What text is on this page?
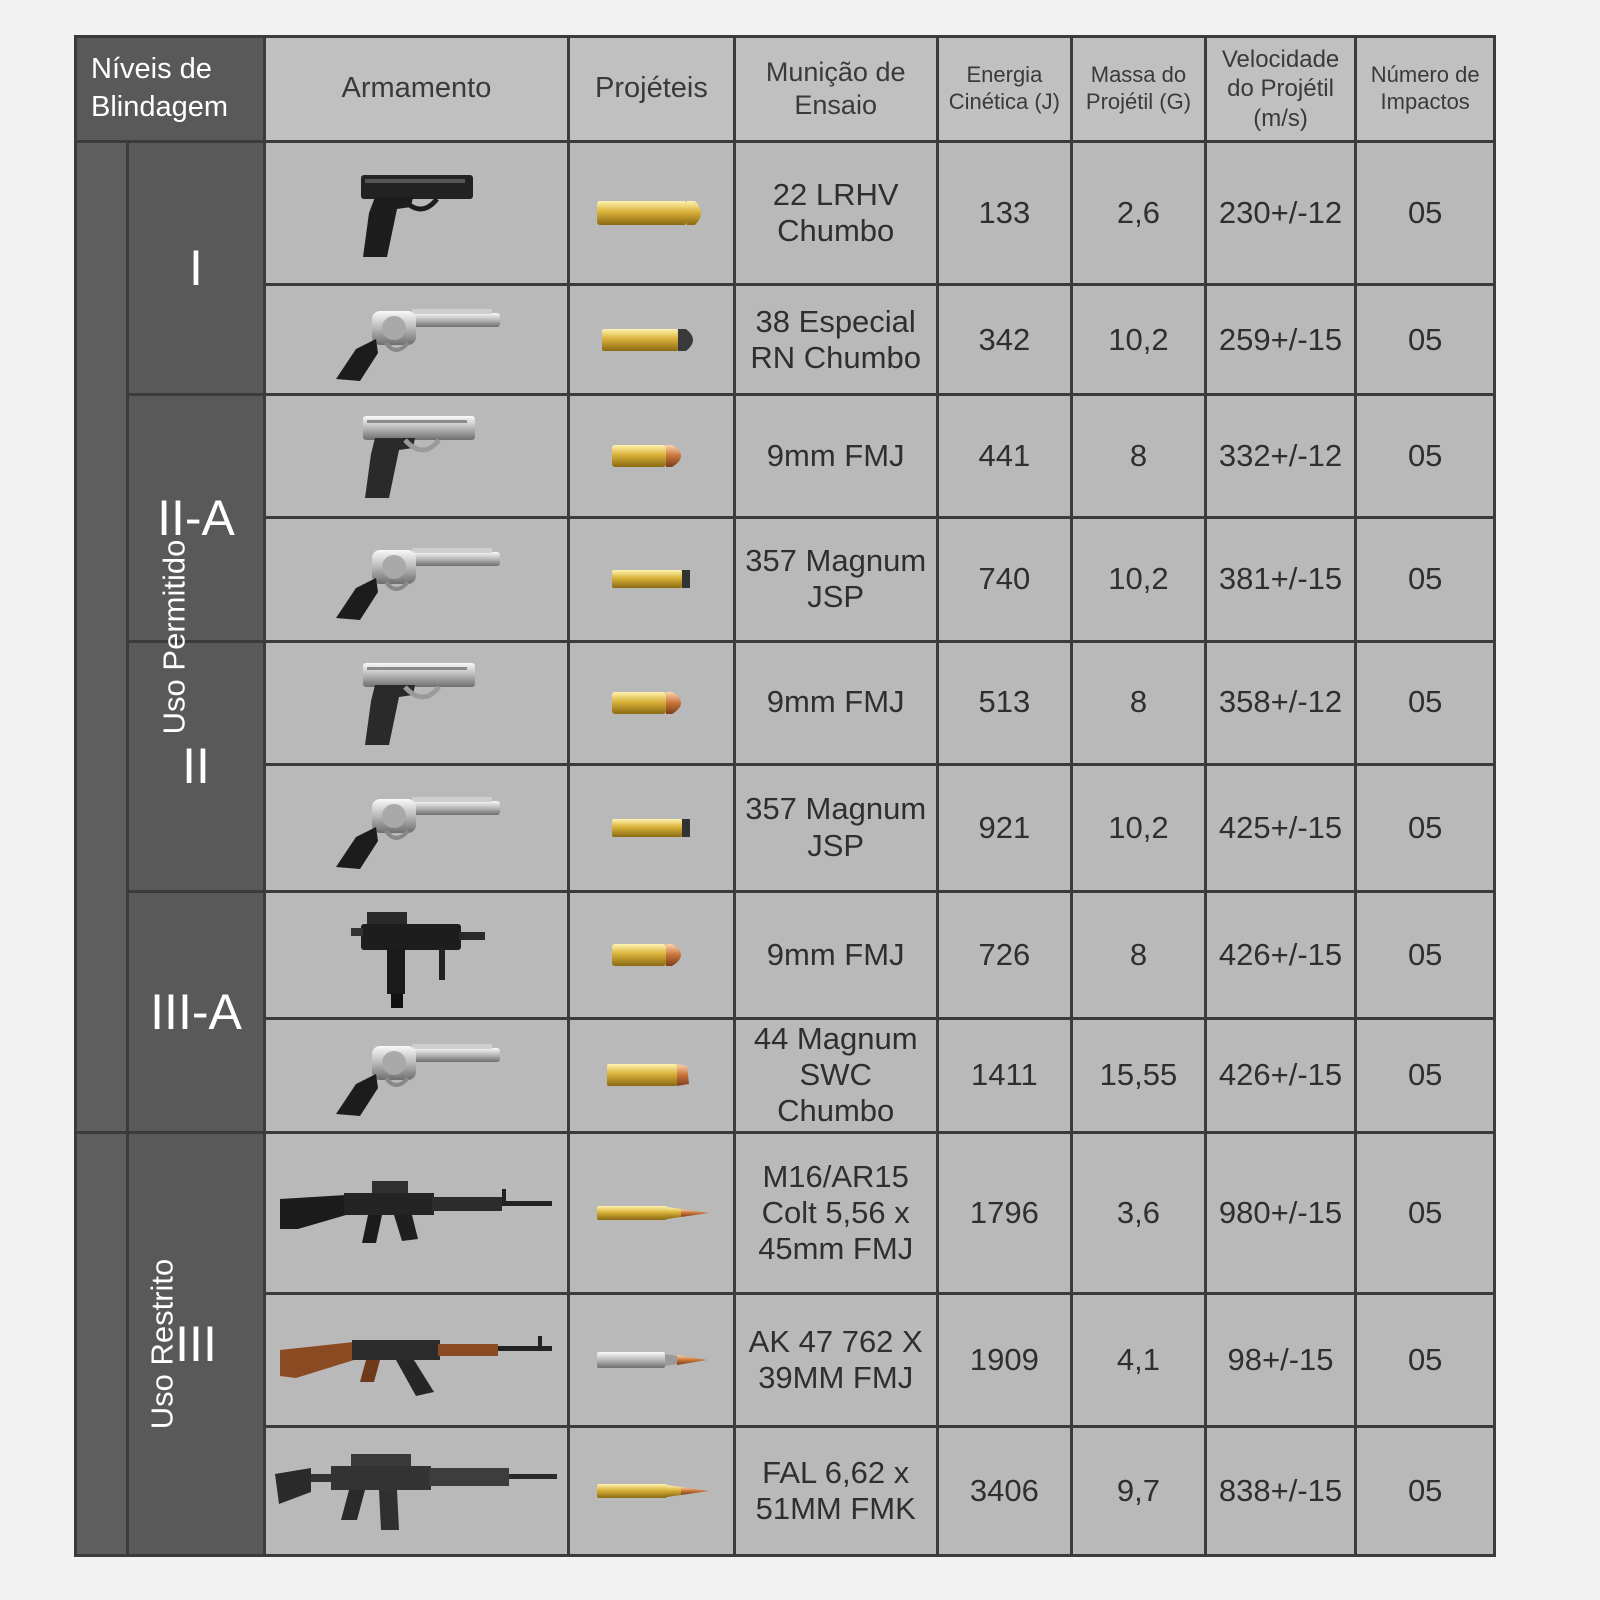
Níveis de Blindagem		Armamento	Projéteis	Munição de Ensaio	Energia Cinética (J)	Massa do Projétil (G)	Velocidade do Projétil (m/s)	Número de Impactos
Uso Permitido	I			22 LRHV Chumbo	133	2,6	230+/-12	05

	38 Especial RN Chumbo	342	10,2	259+/-15	05
	II-A			9mm FMJ	441	8	332+/-12	05

	357 Magnum JSP	740	10,2	381+/-15	05
	II			9mm FMJ	513	8	358+/-12	05

	357 Magnum JSP	921	10,2	425+/-15	05
	III-A			9mm FMJ	726	8	426+/-15	05

	44 Magnum SWC Chumbo	1411	15,55	426+/-15	05
Uso Restrito	III			M16/AR15 Colt 5,56 x 45mm FMJ	1796	3,6	980+/-15	05

	AK 47 762 X 39MM FMJ	1909	4,1	98+/-15	05

	FAL 6,62 x 51MM FMK	3406	9,7	838+/-15	05
